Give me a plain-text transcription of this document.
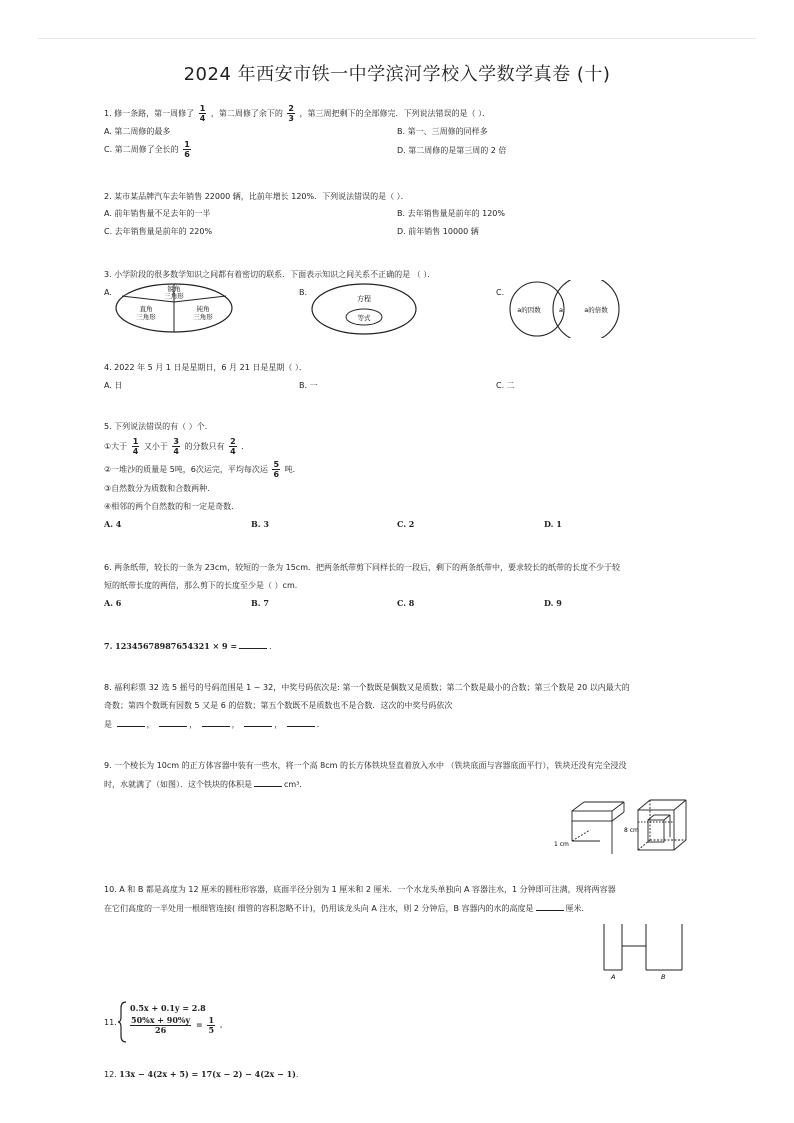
2024 年西安市铁一中学滨河学校入学数学真卷 (十)
1. 修一条路，第一周修了 $\frac{1}{4}$ ，第二周修了余下的 $\frac{2}{3}$ ，第三周把剩下的全部修完．下列说法错误的是（ ）．
A. 第二周修的最多	B. 第一、三周修的同样多
C. 第二周修了全长的 $\frac{1}{6}$	D. 第二周修的是第三周的 2 倍
2. 某市某品牌汽车去年销售 22000 辆，比前年增长 120%．下列说法错误的是（ ）．
A. 前年销售量不足去年的一半	B. 去年销售量是前年的 120%
C. 去年销售量是前年的 220%	D. 前年销售 10000 辆
3. 小学阶段的很多数学知识之间都有着密切的联系．下面表示知识之间关系不正确的是 （ ）．
A.	B.	C.
锐角三角形
直角三角形
钝角三角形
方程
等式
a的因数	a	a的倍数
4. 2022 年 5 月 1 日是星期日，6 月 21 日是星期（ ）．
A. 日	B. 一	C. 二
5. 下列说法错误的有（ ）个．
①大于 $\frac{1}{4}$ 又小于 $\frac{3}{4}$ 的分数只有 $\frac{2}{4}$ ．
②一堆沙的质量是 5吨，6次运完，平均每次运 $\frac{5}{6}$ 吨．
③自然数分为质数和合数两种．
④相邻的两个自然数的和一定是奇数．
A. 4	B. 3	C. 2	D. 1
6. 两条纸带，较长的一条为 23cm，较短的一条为 15cm．把两条纸带剪下同样长的一段后，剩下的两条纸带中，要求较长的纸带的长度不少于较
短的纸带长度的两倍，那么剪下的长度至少是（ ）cm．
A. 6	B. 7	C. 8	D. 9
7. 12345678987654321 × 9 =	．
8. 福利彩票 32 选 5 摇号的号码范围是 1 ~ 32，中奖号码依次是: 第一个数既是偶数又是质数；第二个数是最小的合数；第三个数是 20 以内最大的
奇数；第四个数既有因数 5 又是 6 的倍数；第五个数既不是质数也不是合数．这次的中奖号码依次
是	，	，	，	，	．
9. 一个棱长为 10cm 的正方体容器中装有一些水，将一个高 8cm 的长方体铁块竖直着放入水中 （铁块底面与容器底面平行），铁块还没有完全浸没
时，水就满了（如图）．这个铁块的体积是	cm³．
1 cm
8 cm
10. A 和 B 都是高度为 12 厘米的圆柱形容器，底面半径分别为 1 厘米和 2 厘米．一个水龙头单独向 A 容器注水，1 分钟即可注满，现将两容器
在它们高度的一半处用一根细管连接( 细管的容积忽略不计)，仍用该龙头向 A 注水，则 2 分钟后，B 容器内的水的高度是	厘米．
A	B
11.
0.5x + 0.1y = 2.8
$\frac{50\%x + 90\%y}{26} = \frac{1}{5}$ ．
12. 13x − 4(2x + 5) = 17(x − 2) − 4(2x − 1)．
